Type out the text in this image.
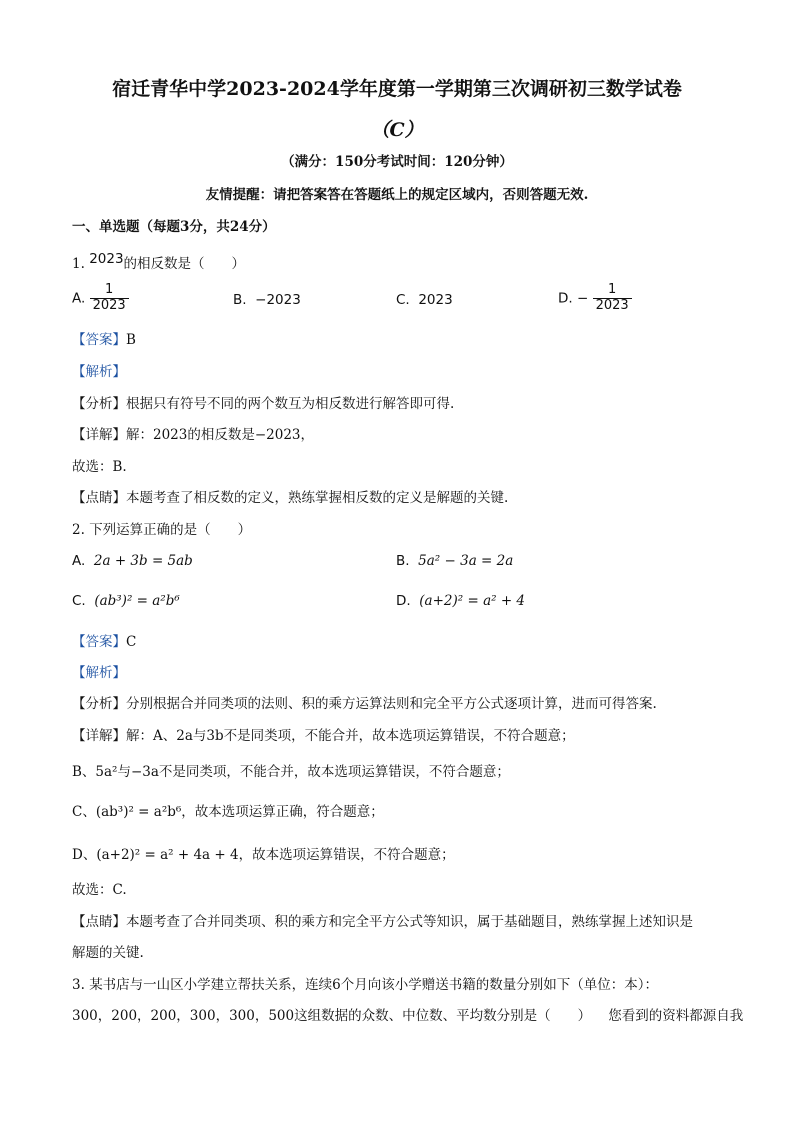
宿迁青华中学2023-2024学年度第一学期第三次调研初三数学试卷
（C）
（满分：150分考试时间：120分钟）
友情提醒：请把答案答在答题纸上的规定区域内，否则答题无效.
一、单选题（每题3分，共24分）
1. 2023的相反数是（　　）
A. $\frac{1}{2023}$	B. −2023	C. 2023	D. − $\frac{1}{2023}$
【答案】B
【解析】
【分析】根据只有符号不同的两个数互为相反数进行解答即可得.
【详解】解：2023的相反数是−2023，
故选：B.
【点睛】本题考查了相反数的定义，熟练掌握相反数的定义是解题的关键.
2. 下列运算正确的是（　　）
A. 2a + 3b = 5ab	B. 5a² − 3a = 2a
C. (ab³)² = a²b⁶	D. (a+2)² = a² + 4
【答案】C
【解析】
【分析】分别根据合并同类项的法则、积的乘方运算法则和完全平方公式逐项计算，进而可得答案.
【详解】解：A、2a与3b不是同类项，不能合并，故本选项运算错误，不符合题意；
B、5a²与−3a不是同类项，不能合并，故本选项运算错误，不符合题意；
C、(ab³)² = a²b⁶，故本选项运算正确，符合题意；
D、(a+2)² = a² + 4a + 4，故本选项运算错误，不符合题意；
故选：C.
【点睛】本题考查了合并同类项、积的乘方和完全平方公式等知识，属于基础题目，熟练掌握上述知识是
解题的关键.
3. 某书店与一山区小学建立帮扶关系，连续6个月向该小学赠送书籍的数量分别如下（单位：本）：
300，200，200，300，300，500这组数据的众数、中位数、平均数分别是（　　） 您看到的资料都源自我
